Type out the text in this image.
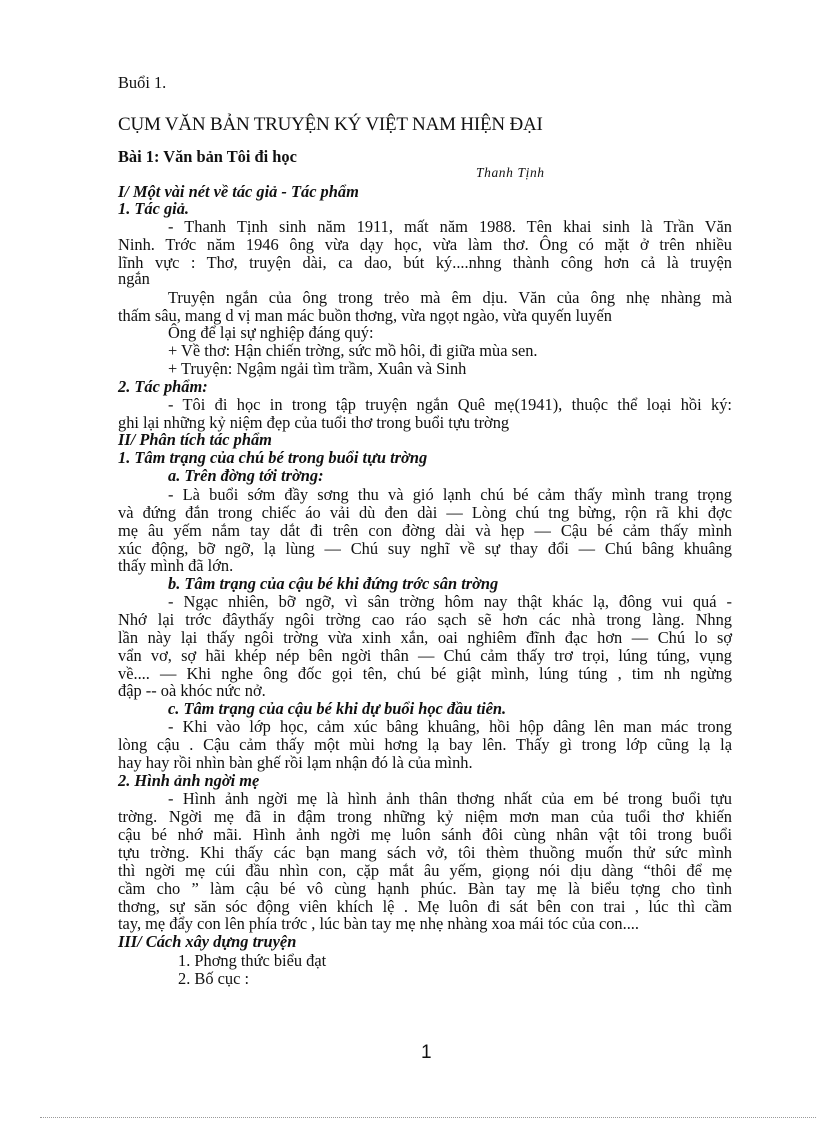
Buổi 1.

CỤM VĂN BẢN TRUYỆN KÝ VIỆT NAM HIỆN ĐẠI

Bài 1: Văn bản Tôi đi học

Thanh Tịnh

I/ Một vài nét về tác giả - Tác phẩm

1. Tác giả.

- Thanh Tịnh sinh năm 1911, mất năm 1988. Tên khai sinh là Trần Văn

Ninh. Trớc năm 1946 ông vừa dạy học, vừa làm thơ. Ông có mặt ở trên nhiều

lĩnh vực : Thơ, truyện dài, ca dao, bút ký....nhng thành công hơn cả là truyện

ngắn

Truyện ngắn của ông trong trẻo mà êm dịu. Văn của ông nhẹ nhàng mà

thấm sâu, mang d vị man mác buồn thơng, vừa ngọt ngào, vừa quyến luyến

Ông để lại sự nghiệp đáng quý:

+ Về thơ: Hận chiến trờng, sức mồ hôi, đi giữa mùa sen.

+ Truyện: Ngậm ngải tìm trầm, Xuân và Sinh

2. Tác phẩm:

- Tôi đi học in trong tập truyện ngắn Quê mẹ(1941), thuộc thể loại hồi ký:

ghi lại những kỷ niệm đẹp của tuổi thơ trong buổi tựu trờng

II/ Phân tích tác phẩm

1. Tâm trạng của chú bé trong buổi tựu trờng

a. Trên đờng tới trờng:

- Là buổi sớm đầy sơng thu và gió lạnh chú bé cảm thấy mình trang trọng

và đứng đắn trong chiếc áo vải dù đen dài — Lòng chú tng bừng, rộn rã khi đợc

mẹ âu yếm nắm tay dắt đi trên con đờng dài và hẹp — Cậu bé cảm thấy mình

xúc động, bỡ ngỡ, lạ lùng — Chú suy nghĩ về sự thay đổi — Chú bâng khuâng

thấy mình đã lớn.

b. Tâm trạng của cậu bé khi đứng trớc sân trờng

- Ngạc nhiên, bỡ ngỡ, vì sân trờng hôm nay thật khác lạ, đông vui quá -

Nhớ lại trớc đâythấy ngôi trờng cao ráo sạch sẽ hơn các nhà trong làng. Nhng

lần này lại thấy ngôi trờng vừa xinh xắn, oai nghiêm đĩnh đạc hơn — Chú lo sợ

vẩn vơ, sợ hãi khép nép bên ngời thân — Chú cảm thấy trơ trọi, lúng túng, vụng

về.... — Khi nghe ông đốc gọi tên, chú bé giật mình, lúng túng , tim nh ngừng

đập -- oà khóc nức nở.

c. Tâm trạng của cậu bé khi dự buổi học đầu tiên.

- Khi vào lớp học, cảm xúc bâng khuâng, hồi hộp dâng lên man mác trong

lòng cậu . Cậu cảm thấy một mùi hơng lạ bay lên. Thấy gì trong lớp cũng lạ lạ

hay hay rồi nhìn bàn ghế rồi lạm nhận đó là của mình.

2. Hình ảnh ngời mẹ

- Hình ảnh ngời mẹ là hình ảnh thân thơng nhất của em bé trong buổi tựu

trờng. Ngời mẹ đã in đậm trong những kỷ niệm mơn man của tuổi thơ khiến

cậu bé nhớ mãi. Hình ảnh ngời mẹ luôn sánh đôi cùng nhân vật tôi trong buổi

tựu trờng. Khi thấy các bạn mang sách vở, tôi thèm thuồng muốn thử sức mình

thì ngời mẹ cúi đầu nhìn con, cặp mắt âu yếm, giọng nói dịu dàng “thôi để mẹ

cầm cho ” làm cậu bé vô cùng hạnh phúc. Bàn tay mẹ là biểu tợng cho tình

thơng, sự săn sóc động viên khích lệ . Mẹ luôn đi sát bên con trai , lúc thì cầm

tay, mẹ đẩy con lên phía trớc , lúc bàn tay mẹ nhẹ nhàng xoa mái tóc của con....

III/ Cách xây dựng truyện

1. Phơng thức biểu đạt

2. Bố cục :

1
